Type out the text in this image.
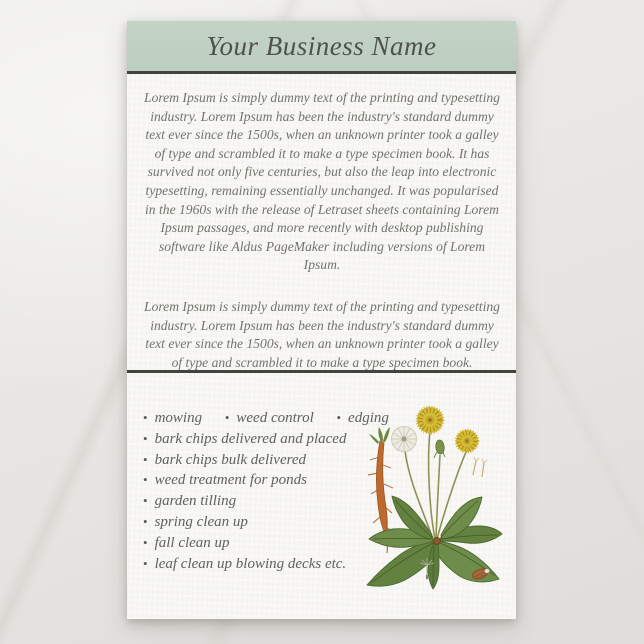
Your Business Name

Lorem Ipsum is simply dummy text of the printing and typesetting industry. Lorem Ipsum has been the industry's standard dummy text ever since the 1500s, when an unknown printer took a galley of type and scrambled it to make a type specimen book. It has survived not only five centuries, but also the leap into electronic typesetting, remaining essentially unchanged. It was popularised in the 1960s with the release of Letraset sheets containing Lorem Ipsum passages, and more recently with desktop publishing software like Aldus PageMaker including versions of Lorem Ipsum.

Lorem Ipsum is simply dummy text of the printing and typesetting industry. Lorem Ipsum has been the industry's standard dummy text ever since the 1500s, when an unknown printer took a galley of type and scrambled it to make a type specimen book.

• mowing • weed control • edging
• bark chips delivered and placed
• bark chips bulk delivered
• weed treatment for ponds
• garden tilling
• spring clean up
• fall clean up
• leaf clean up blowing decks etc.
